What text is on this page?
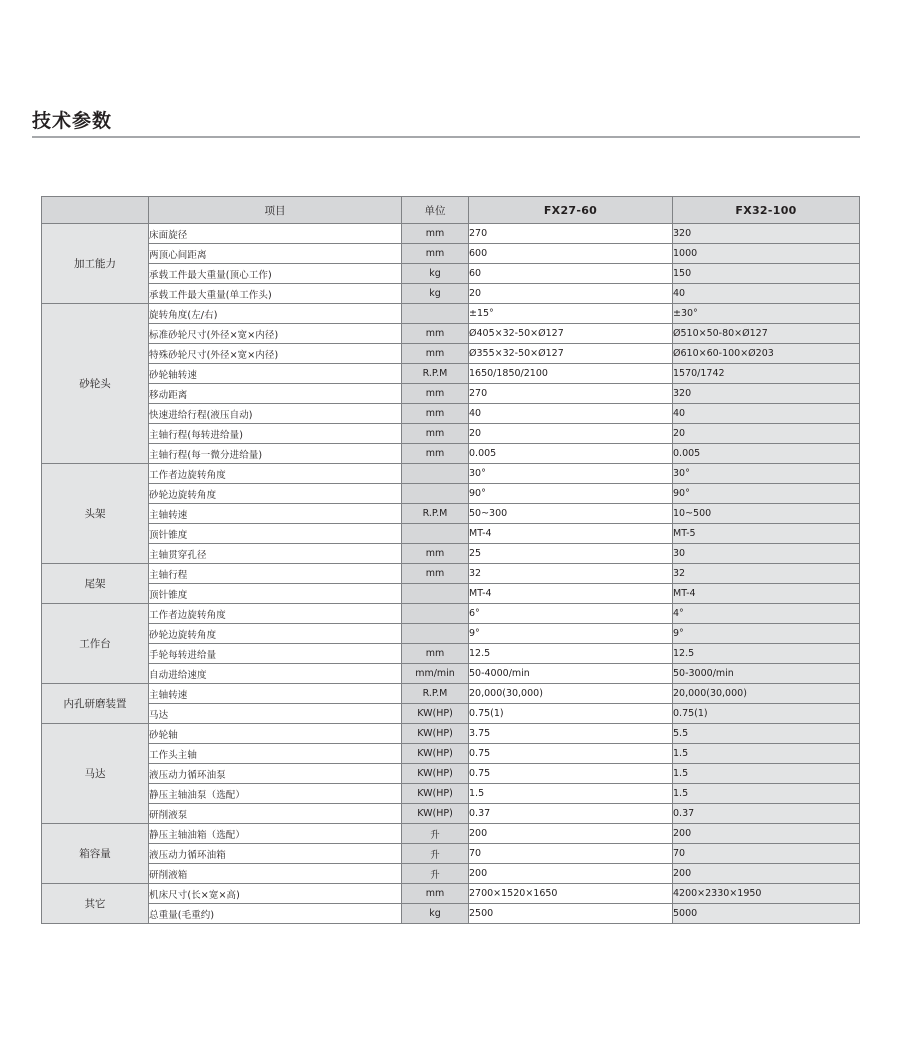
技术参数
	项目	单位	FX27-60	FX32-100
加工能力	床面旋径	mm	270	320
	两顶心间距离	mm	600	1000
	承载工件最大重量(顶心工作)	kg	60	150
	承载工件最大重量(单工作头)	kg	20	40
砂轮头	旋转角度(左/右)		±15°	±30°
	标准砂轮尺寸(外径×宽×内径)	mm	Ø405×32-50×Ø127	Ø510×50-80×Ø127
	特殊砂轮尺寸(外径×宽×内径)	mm	Ø355×32-50×Ø127	Ø610×60-100×Ø203
	砂轮轴转速	R.P.M	1650/1850/2100	1570/1742
	移动距离	mm	270	320
	快速进给行程(液压自动)	mm	40	40
	主轴行程(每转进给量)	mm	20	20
	主轴行程(每一微分进给量)	mm	0.005	0.005
头架	工作者边旋转角度		30°	30°
	砂轮边旋转角度		90°	90°
	主轴转速	R.P.M	50~300	10~500
	顶针锥度		MT-4	MT-5
	主轴贯穿孔径	mm	25	30
尾架	主轴行程	mm	32	32
	顶针锥度		MT-4	MT-4
工作台	工作者边旋转角度		6°	4°
	砂轮边旋转角度		9°	9°
	手轮每转进给量	mm	12.5	12.5
	自动进给速度	mm/min	50-4000/min	50-3000/min
内孔研磨装置	主轴转速	R.P.M	20,000(30,000)	20,000(30,000)
	马达	KW(HP)	0.75(1)	0.75(1)
马达	砂轮轴	KW(HP)	3.75	5.5
	工作头主轴	KW(HP)	0.75	1.5
	液压动力循环油泵	KW(HP)	0.75	1.5
	静压主轴油泵（选配）	KW(HP)	1.5	1.5
	研削液泵	KW(HP)	0.37	0.37
箱容量	静压主轴油箱（选配）	升	200	200
	液压动力循环油箱	升	70	70
	研削液箱	升	200	200
其它	机床尺寸(长×宽×高)	mm	2700×1520×1650	4200×2330×1950
	总重量(毛重约)	kg	2500	5000
